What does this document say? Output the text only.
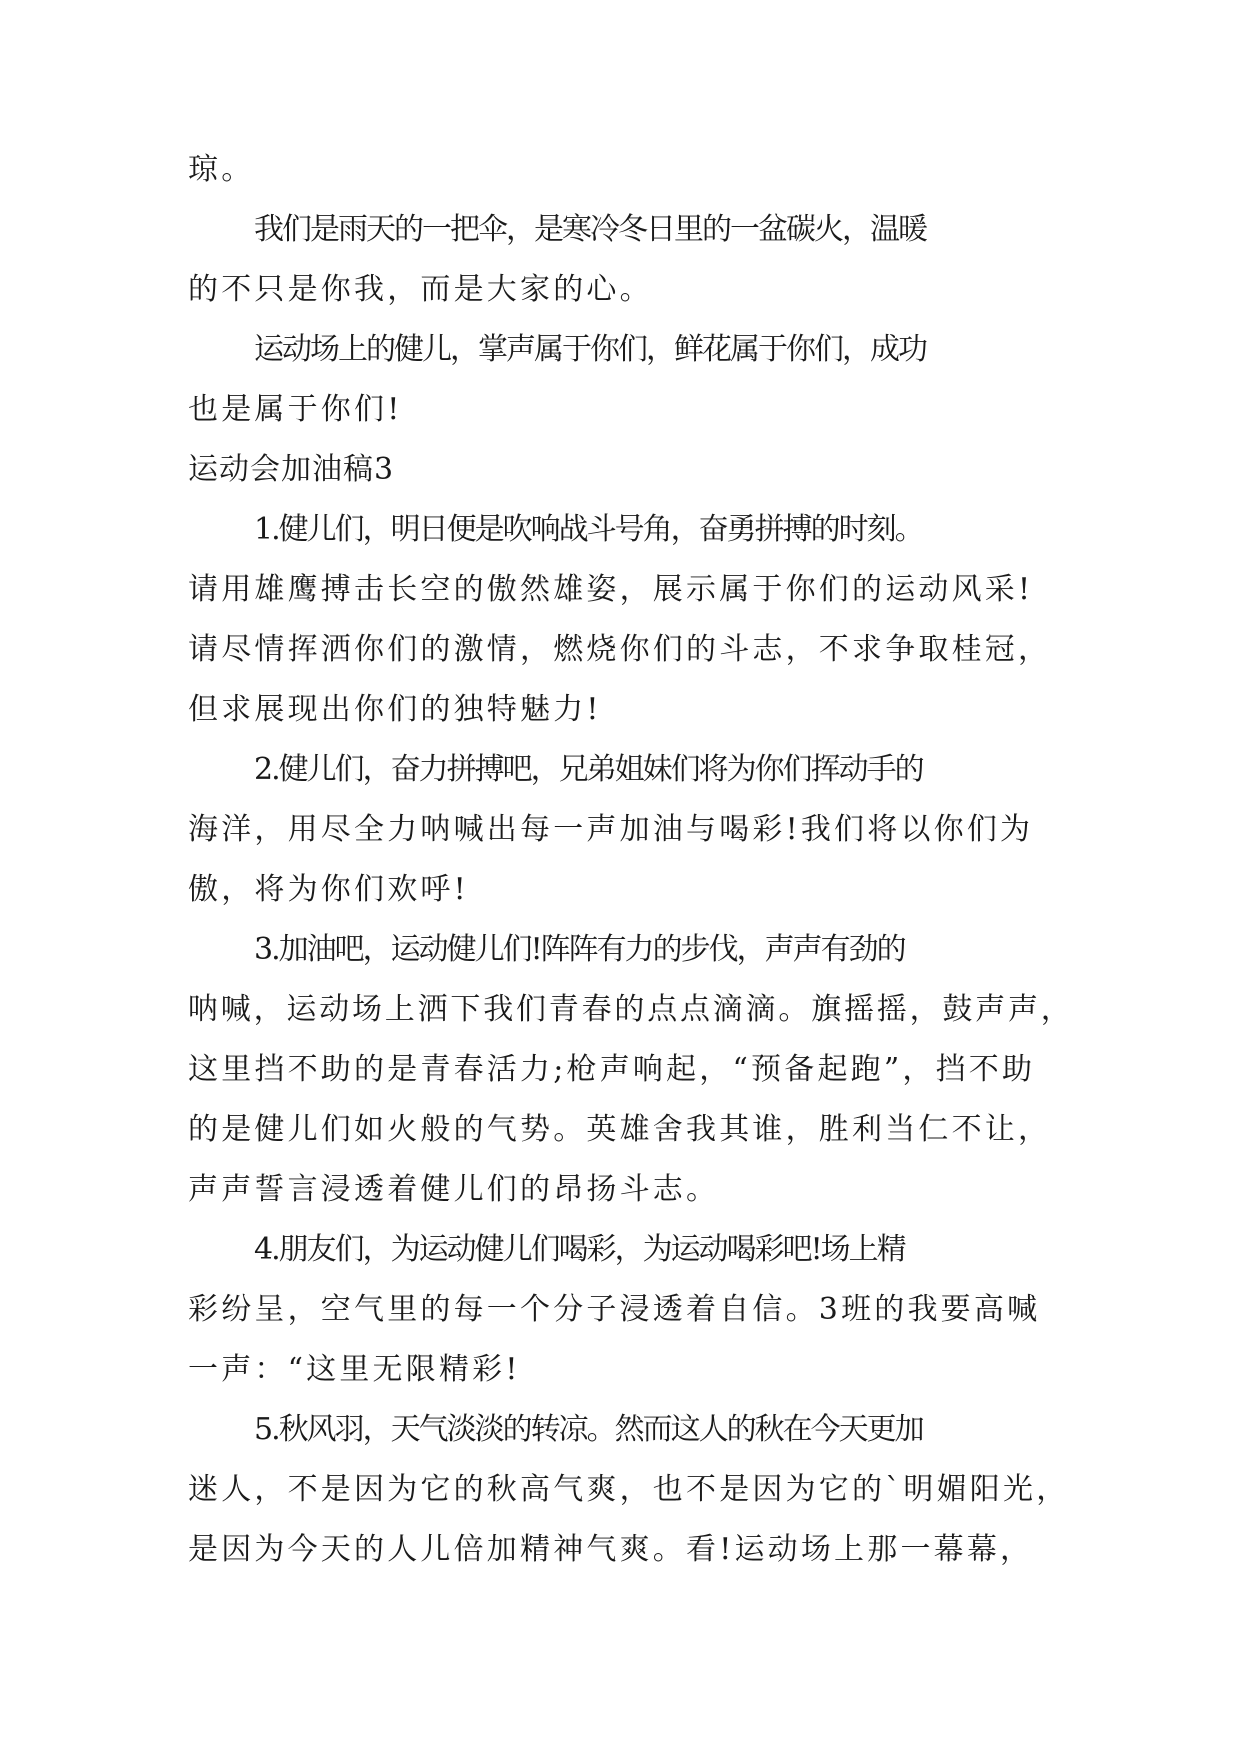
琼。
我们是雨天的一把伞，是寒冷冬日里的一盆碳火，温暖
的不只是你我，而是大家的心。
运动场上的健儿，掌声属于你们，鲜花属于你们，成功
也是属于你们!
运动会加油稿3
1.健儿们，明日便是吹响战斗号角，奋勇拼搏的时刻。
请用雄鹰搏击长空的傲然雄姿，展示属于你们的运动风采!
请尽情挥洒你们的激情，燃烧你们的斗志，不求争取桂冠，
但求展现出你们的独特魅力!
2.健儿们，奋力拼搏吧，兄弟姐妹们将为你们挥动手的
海洋，用尽全力呐喊出每一声加油与喝彩!我们将以你们为
傲，将为你们欢呼!
3.加油吧，运动健儿们!阵阵有力的步伐，声声有劲的
呐喊，运动场上洒下我们青春的点点滴滴。旗摇摇，鼓声声，
这里挡不助的是青春活力;枪声响起，“预备起跑”，挡不助
的是健儿们如火般的气势。英雄舍我其谁，胜利当仁不让，
声声誓言浸透着健儿们的昂扬斗志。
4.朋友们，为运动健儿们喝彩，为运动喝彩吧!场上精
彩纷呈，空气里的每一个分子浸透着自信。3班的我要高喊
一声：“这里无限精彩!
5.秋风羽，天气淡淡的转凉。然而这人的秋在今天更加
迷人，不是因为它的秋高气爽，也不是因为它的`明媚阳光，
是因为今天的人儿倍加精神气爽。看!运动场上那一幕幕，
